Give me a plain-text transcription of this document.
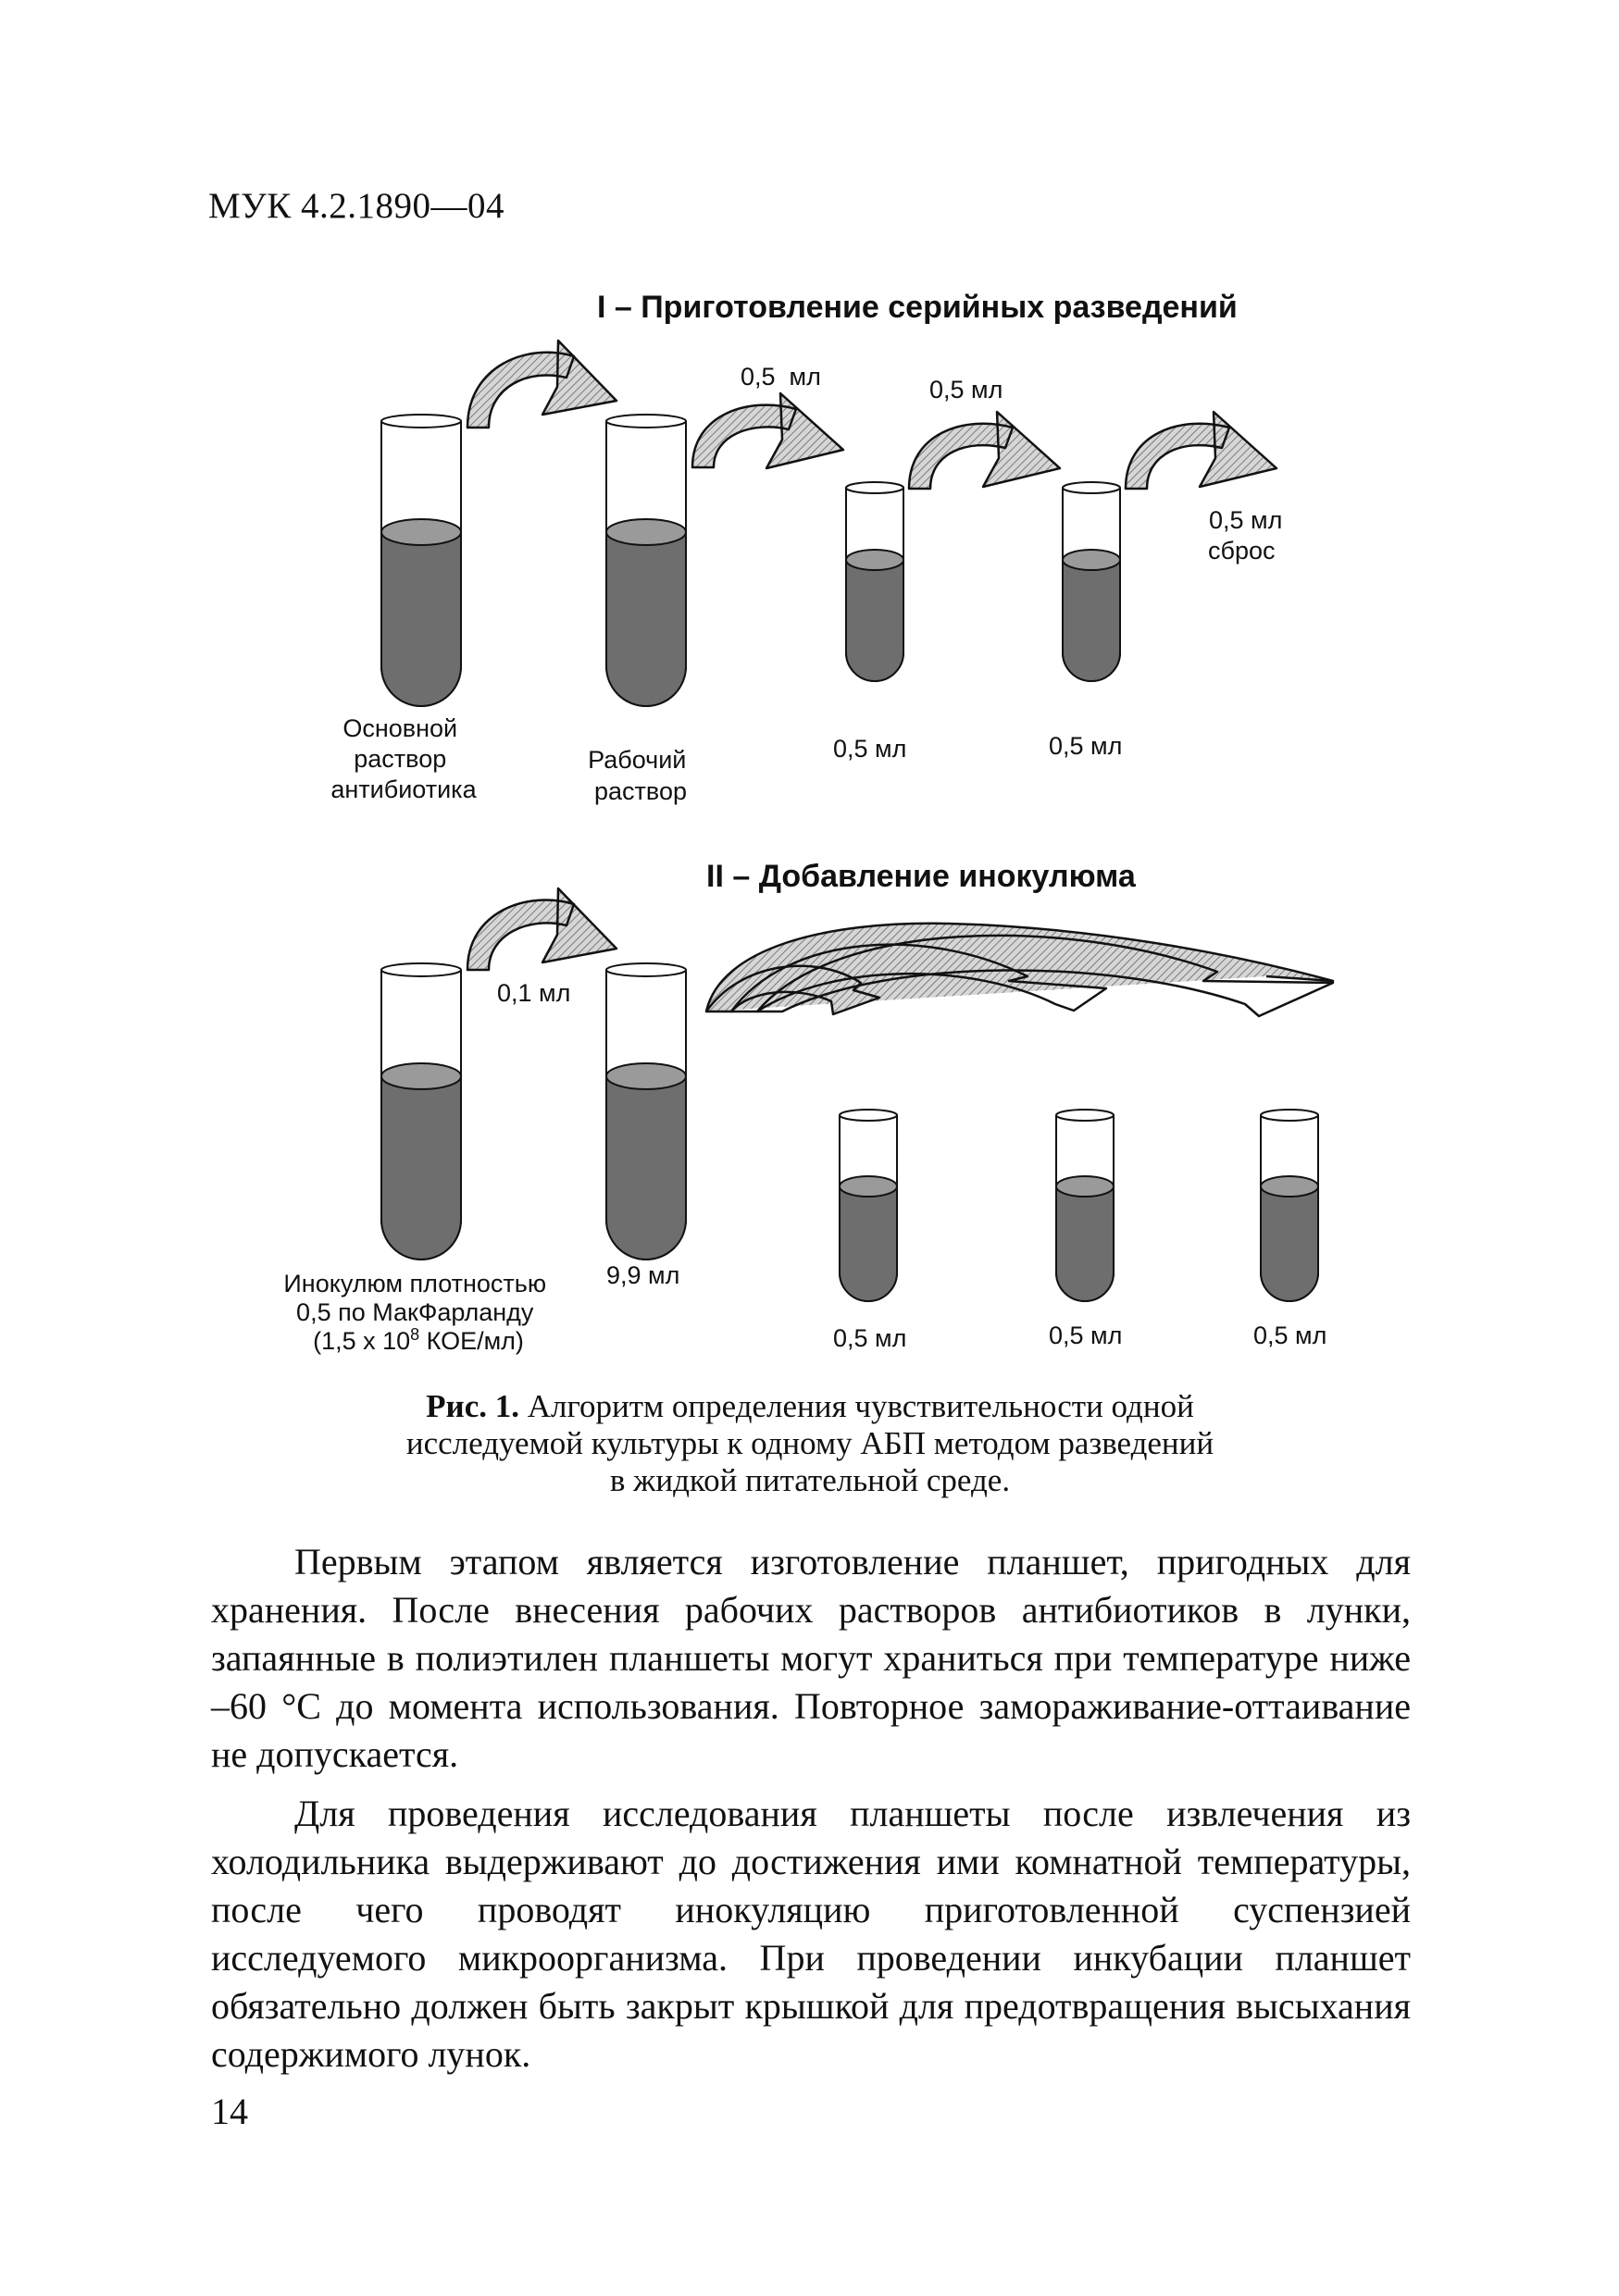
МУК 4.2.1890—04
I – Приготовление серийных разведений
0,5  мл	0,5 мл
0,5 мл
сброс
Основной раствор антибиотика
Рабочий раствор
0,5 мл	0,5 мл
II – Добавление инокулюма
0,1 мл
Инокулюм плотностью 0,5 по МакФарланду (1,5 х $10^8$ КОЕ/мл)
9,9 мл
0,5 мл	0,5 мл	0,5 мл
Рис. 1. Алгоритм определения чувствительности одной
исследуемой культуры к одному АБП методом разведений
в жидкой питательной среде.

Первым этапом является изготовление планшет, пригодных для хранения. После внесения рабочих растворов антибиотиков в лунки, запаянные в полиэтилен планшеты могут храниться при температуре ниже –60 °С до момента использования. Повторное замораживание-оттаивание не допускается.

Для проведения исследования планшеты после извлечения из холодильника выдерживают до достижения ими комнатной температуры, после чего проводят инокуляцию приготовленной суспензией исследуемого микроорганизма. При проведении инкубации планшет обязательно должен быть закрыт крышкой для предотвращения высыхания содержимого лунок.

14
